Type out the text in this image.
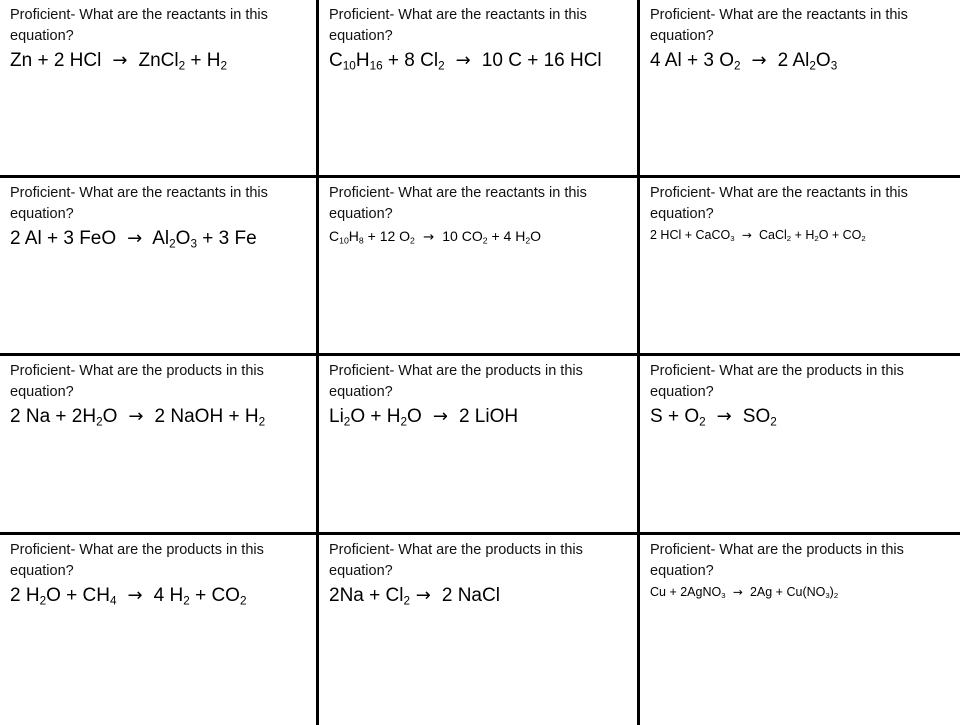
Proficient- What are the reactants in this equation?
Zn + 2 HCl  →  ZnCl$_2$ + $H_2$
Proficient- What are the reactants in this equation?
$C_{10}H_{16} + 8$ $Cl_2 \to 10$ C + 16 HCl
Proficient- What are the reactants in this equation?
4 Al + 3 $O_2 \to 2$ $Al_2O_3$
Proficient- What are the reactants in this equation?
2 Al + 3 FeO  →  $Al_2O_3 + 3$ Fe
Proficient- What are the reactants in this equation?
$C_{10}H_8 + 12$ $O_2 \to 10$ $CO_2 + 4$ $H_2O$
Proficient- What are the reactants in this equation?
2 HCl + CaCO$_3$  →  CaCl$_2$ + $H_2O + CO_2$
Proficient- What are the products in this equation?
2 $Na + 2H_2O \to 2$ NaOH + $H_2$
Proficient- What are the products in this equation?
$Li_2O + H_2O \to 2$ LiOH
Proficient- What are the products in this equation?
$S + O_2 \to SO_2$
Proficient- What are the products in this equation?
2 $H_2O + CH_4 \to 4$ $H_2 + CO_2$
Proficient- What are the products in this equation?
$2Na + Cl_2 \to 2$ NaCl
Proficient- What are the products in this equation?
Cu + 2AgNO$_3$  →  $2Ag + Cu(NO_3)_2$
